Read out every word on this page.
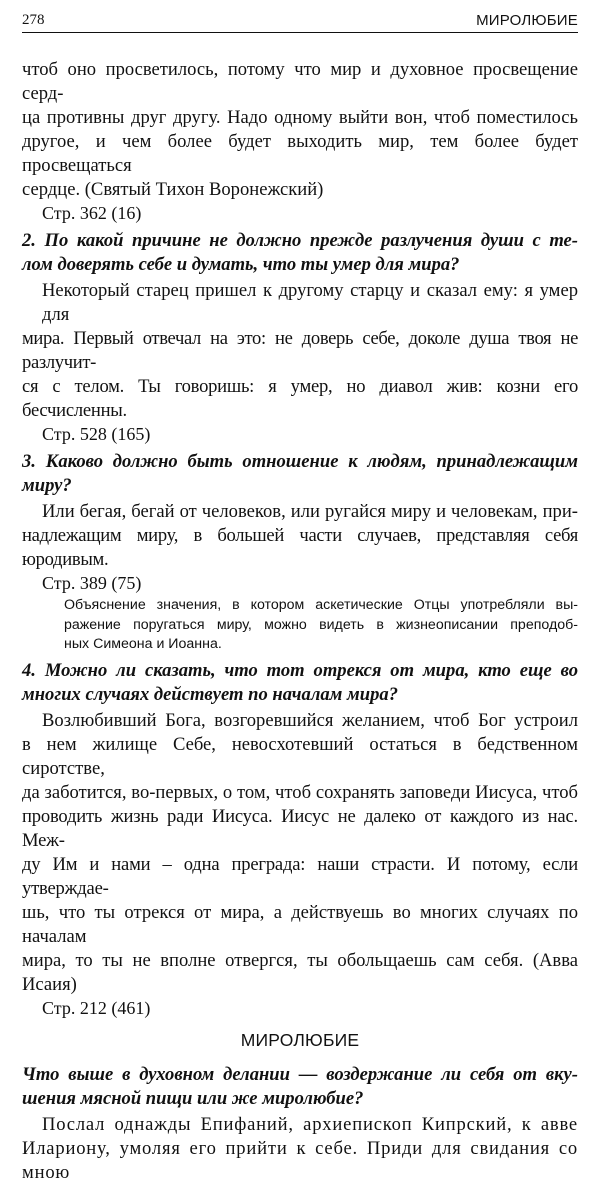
278	МИРОЛЮБИЕ

чтоб оно просветилось, потому что мир и духовное просвещение серд-
ца противны друг другу. Надо одному выйти вон, чтоб поместилось
другое, и чем более будет выходить мир, тем более будет просвещаться
сердце. (Святый Тихон Воронежский)

Стр. 362 (16)

2. По какой причине не должно прежде разлучения души с те-
лом доверять себе и думать, что ты умер для мира?

Некоторый старец пришел к другому старцу и сказал ему: я умер для
мира. Первый отвечал на это: не доверь себе, доколе душа твоя не разлучит-
ся с телом. Ты говоришь: я умер, но диавол жив: козни его бесчисленны.

Стр. 528 (165)

3. Каково должно быть отношение к людям, принадлежащим
миру?

Или бегая, бегай от человеков, или ругайся миру и человекам, при-
надлежащим миру, в большей части случаев, представляя себя юродивым.

Стр. 389 (75)

Объяснение значения, в котором аскетические Отцы употребляли вы-
ражение поругаться миру, можно видеть в жизнеописании преподоб-
ных Симеона и Иоанна.

4. Можно ли сказать, что тот отрекся от мира, кто еще во
многих случаях действует по началам мира?

Возлюбивший Бога, возгоревшийся желанием, чтоб Бог устроил
в нем жилище Себе, невосхотевший остаться в бедственном сиротстве,
да заботится, во-первых, о том, чтоб сохранять заповеди Иисуса, чтоб
проводить жизнь ради Иисуса. Иисус не далеко от каждого из нас. Меж-
ду Им и нами – одна преграда: наши страсти. И потому, если утверждае-
шь, что ты отрекся от мира, а действуешь во многих случаях по началам
мира, то ты не вполне отвергся, ты обольщаешь сам себя. (Авва Исаия)

Стр. 212 (461)

МИРОЛЮБИЕ

Что выше в духовном делании — воздержание ли себя от вку-
шения мясной пищи или же миролюбие?

Послал однажды Епифаний, архиепископ Кипрский, к авве
Илариону, умоляя его прийти к себе. Приди для свидания со мною
